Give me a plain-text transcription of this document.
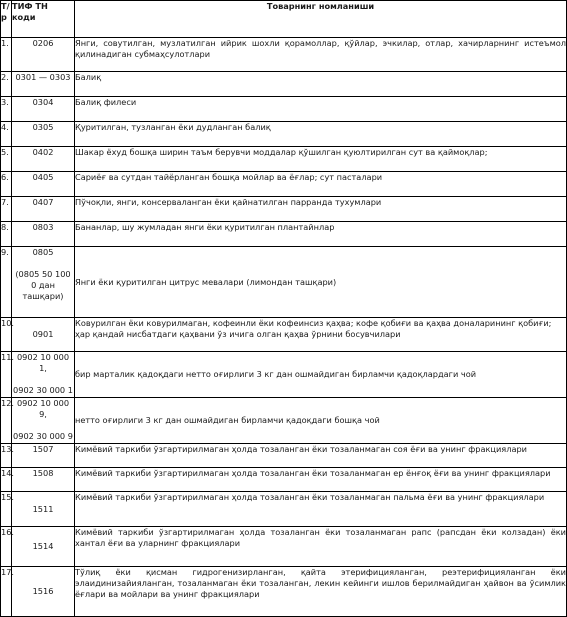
Т/р	ТИФ ТН коди	Товарнинг номланиши
1.	0206	Янги, совутилган, музлатилган ийрик шохли қорамоллар, қўйлар, эчкилар, отлар, хачирларнинг истеъмол қилинадиган субмаҳсулотлари
2.	0301 — 0303	Балиқ
3.	0304	Балиқ филеси
4.	0305	Қуритилган, тузланган ёки дудланган балиқ
5.	0402	Шакар ёхуд бошқа ширин таъм берувчи моддалар қўшилган қуюлтирилган сут ва қаймоқлар;
6.	0405	Сариёғ ва сутдан тайёрланган бошқа мойлар ва ёғлар; сут пасталари
7.	0407	Пўчоқли, янги, консерваланган ёки қайнатилган парранда тухумлари
8.	0803	Бананлар, шу жумладан янги ёки қуритилган плантайнлар
9.	0805
(0805 50 100 0 дан ташқари)	Янги ёки қуритилган цитрус мевалари (лимондан ташқари)
10.	0901	Ковурилган ёки ковурилмаган, кофеинли ёки кофеинсиз қаҳва; кофе қобиғи ва қаҳва доналарининг қобиғи; ҳар қандай нисбатдаги қаҳвани ўз ичига олган қаҳва ўрнини босувчилари
11.	0902 10 000 1,
0902 30 000 1	бир марталик қадоқдаги нетто оғирлиги 3 кг дан ошмайдиган бирламчи қадоқлардаги чой
12.	0902 10 000 9,
0902 30 000 9	нетто оғирлиги 3 кг дан ошмайдиган бирламчи қадоқдаги бошқа чой
13.	1507	Кимёвий таркиби ўзгартирилмаган ҳолда тозаланган ёки тозаланмаган соя ёғи ва унинг фракциялари
14.	1508	Кимёвий таркиби ўзгартирилмаган ҳолда тозаланган ёки тозаланмаган ер ёнғоқ ёғи ва унинг фракциялари
15.	1511	Кимёвий таркиби ўзгартирилмаган ҳолда тозаланган ёки тозаланмаган пальма ёғи ва унинг фракциялари
16.	1514	Кимёвий таркиби ўзгартирилмаган ҳолда тозаланган ёки тозаланмаган рапс (рапсдан ёки колзадан) ёки хантал ёғи ва уларнинг фракциялари
17.	1516	Тўлиқ ёки қисман гидрогенизирланган, қайта этерифицияланган, реэтерифицияланган ёки элаидинизайияланган, тозаланмаган ёки тозаланган, лекин кейинги ишлов берилмайдиган ҳайвон ва ўсимлик ёғлари ва мойлари ва унинг фракциялари
